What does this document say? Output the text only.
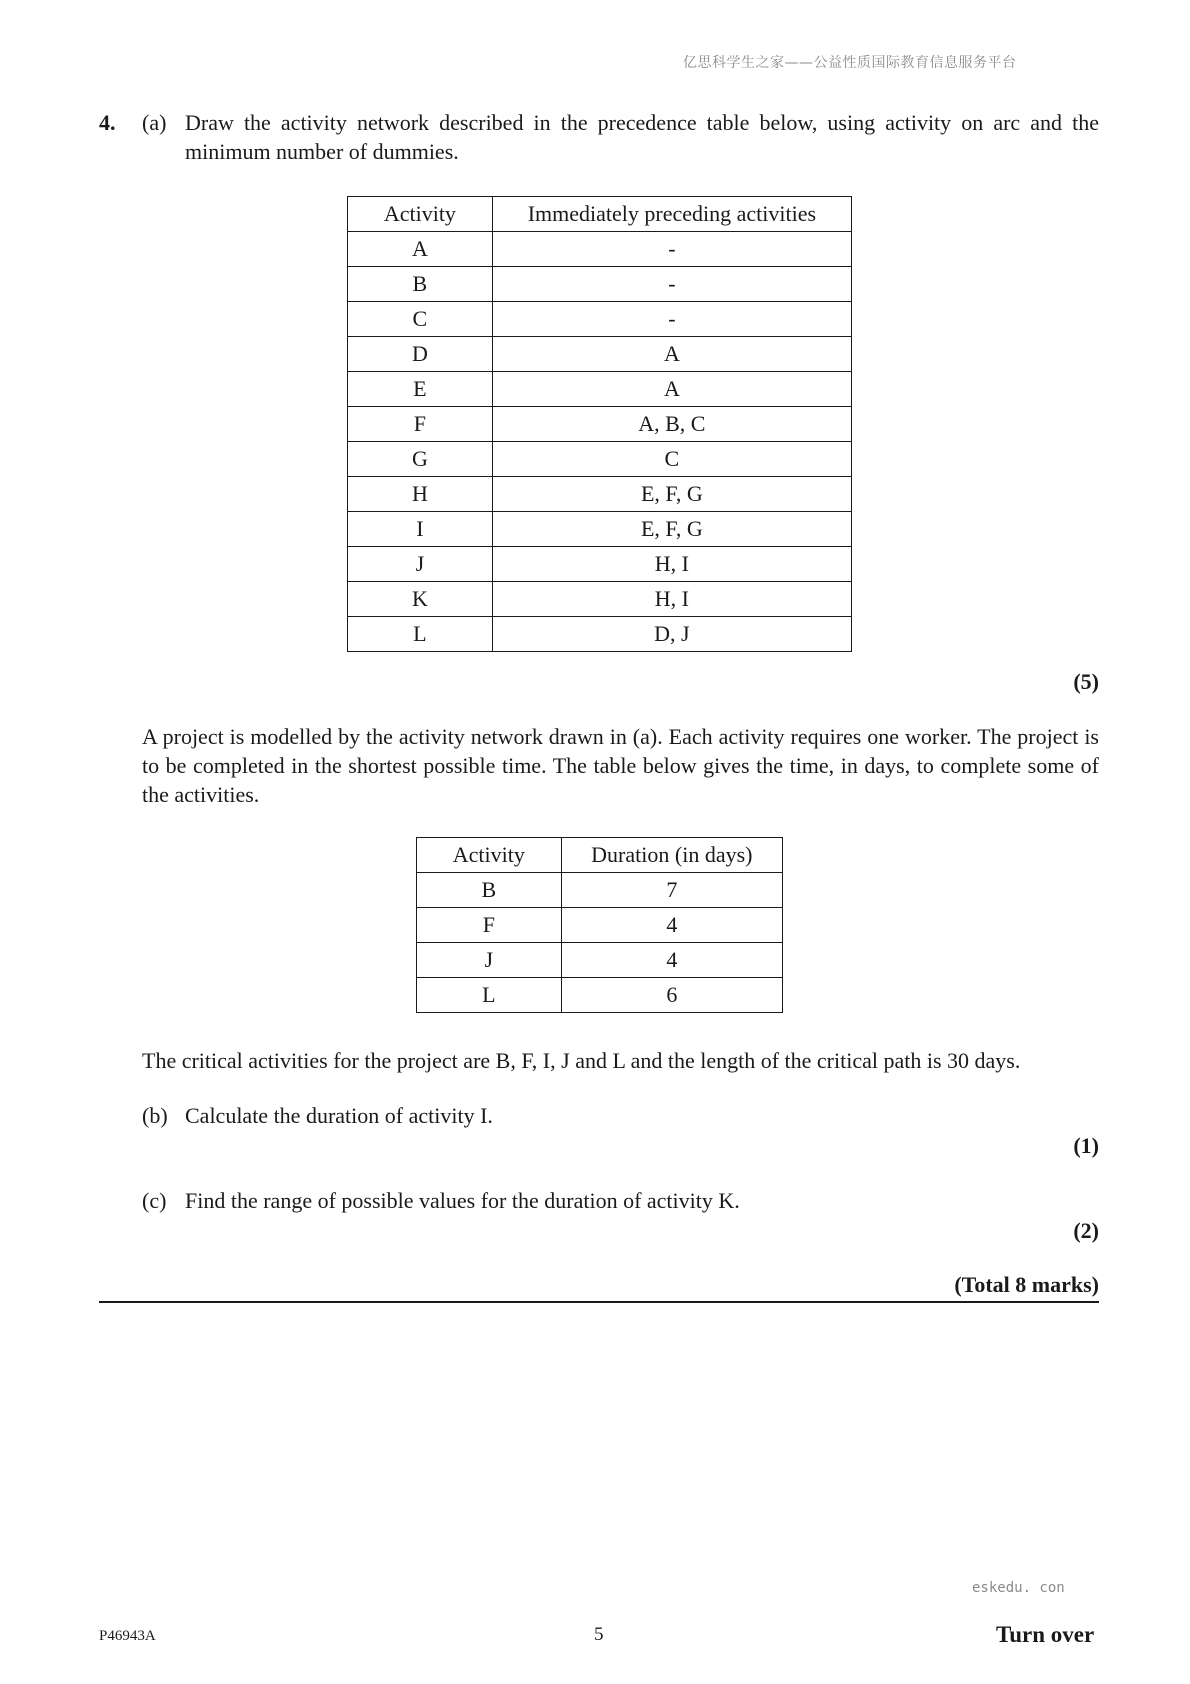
亿思科学生之家——公益性质国际教育信息服务平台
4. (a) Draw the activity network described in the precedence table below, using activity on arc and the minimum number of dummies.
Activity	Immediately preceding activities
A	-
B	-
C	-
D	A
E	A
F	A, B, C
G	C
H	E, F, G
I	E, F, G
J	H, I
K	H, I
L	D, J
(5)
A project is modelled by the activity network drawn in (a). Each activity requires one worker. The project is to be completed in the shortest possible time. The table below gives the time, in days, to complete some of the activities.
Activity	Duration (in days)
B	7
F	4
J	4
L	6
The critical activities for the project are B, F, I, J and L and the length of the critical path is 30 days.
(b) Calculate the duration of activity I.
(1)
(c) Find the range of possible values for the duration of activity K.
(2)
(Total 8 marks)
eskedu. con
P46943A	5	Turn over
